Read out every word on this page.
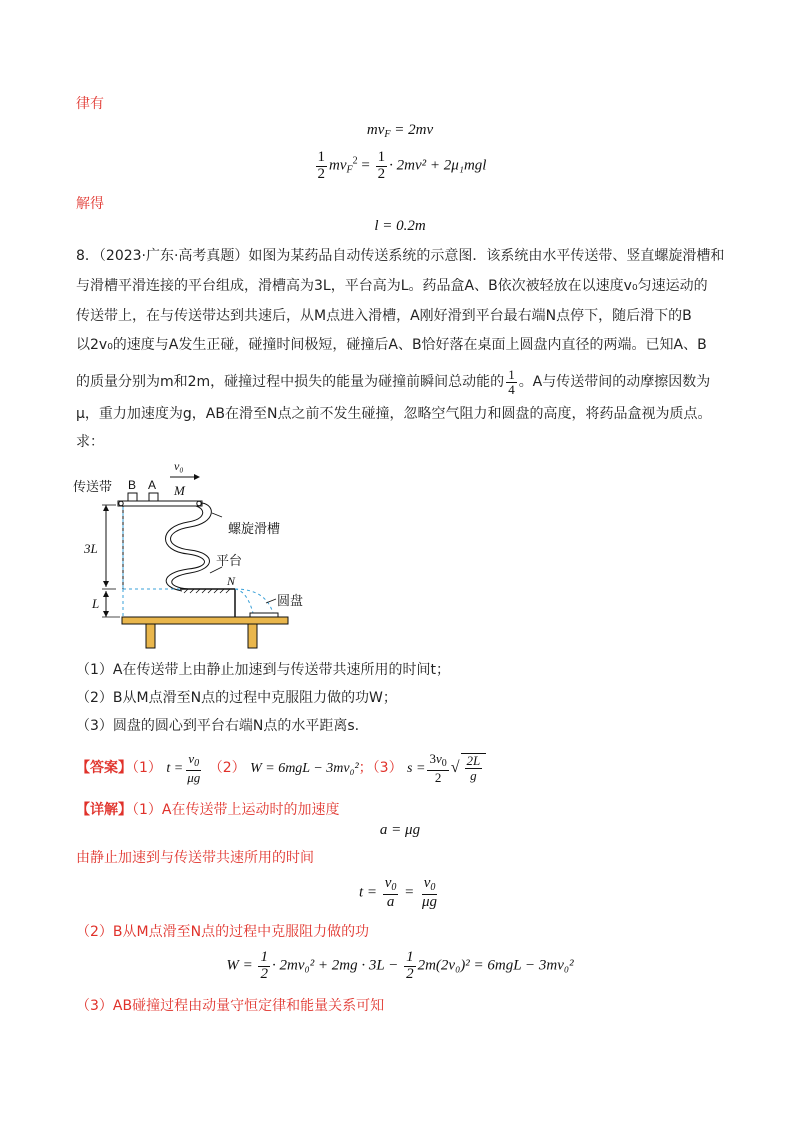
律有
$mv_F = 2mv$
$\frac{1}{2} mv_F^2 = \frac{1}{2} \cdot 2mv^2 + 2\mu_1mgl$
解得
l = 0.2m
8．（2023·广东·高考真题）如图为某药品自动传送系统的示意图．该系统由水平传送带、竖直螺旋滑槽和
与滑槽平滑连接的平台组成，滑槽高为3L，平台高为L。药品盒A、B依次被轻放在以速度v₀匀速运动的
传送带上，在与传送带达到共速后，从M点进入滑槽，A刚好滑到平台最右端N点停下，随后滑下的B
以2v₀的速度与A发生正碰，碰撞时间极短，碰撞后A、B恰好落在桌面上圆盘内直径的两端。已知A、B
的质量分别为m和2m，碰撞过程中损失的能量为碰撞前瞬间总动能的 $\frac{1}{4}$ 。A与传送带间的动摩擦因数为
μ，重力加速度为g，AB在滑至N点之前不发生碰撞，忽略空气阻力和圆盘的高度，将药品盒视为质点。
求：
v₀
B A M
传送带
螺旋滑槽
平台
N
圆盘
3L
L
（1）A在传送带上由静止加速到与传送带共速所用的时间t；
（2）B从M点滑至N点的过程中克服阻力做的功W；
（3）圆盘的圆心到平台右端N点的水平距离s.
【答案】（1） $t = \frac{v_0}{\mu g} (2) W = 6mgL - 3mv_0^2$；（3） $s = \frac{3v_0}{2}$ √ $\frac{2L}{g}$
【详解】（1）A在传送带上运动时的加速度
a = μg
由静止加速到与传送带共速所用的时间
$t = \frac{v_0}{a} = \frac{v_0}{\mu g}$
（2）B从M点滑至N点的过程中克服阻力做的功
$W = \frac{1}{2} \cdot 2mv_0^2 + 2mg \cdot 3L - \frac{1}{2} 2m(2v_0)^2 = 6mgL - 3mv_0^2$
（3）AB碰撞过程由动量守恒定律和能量关系可知
